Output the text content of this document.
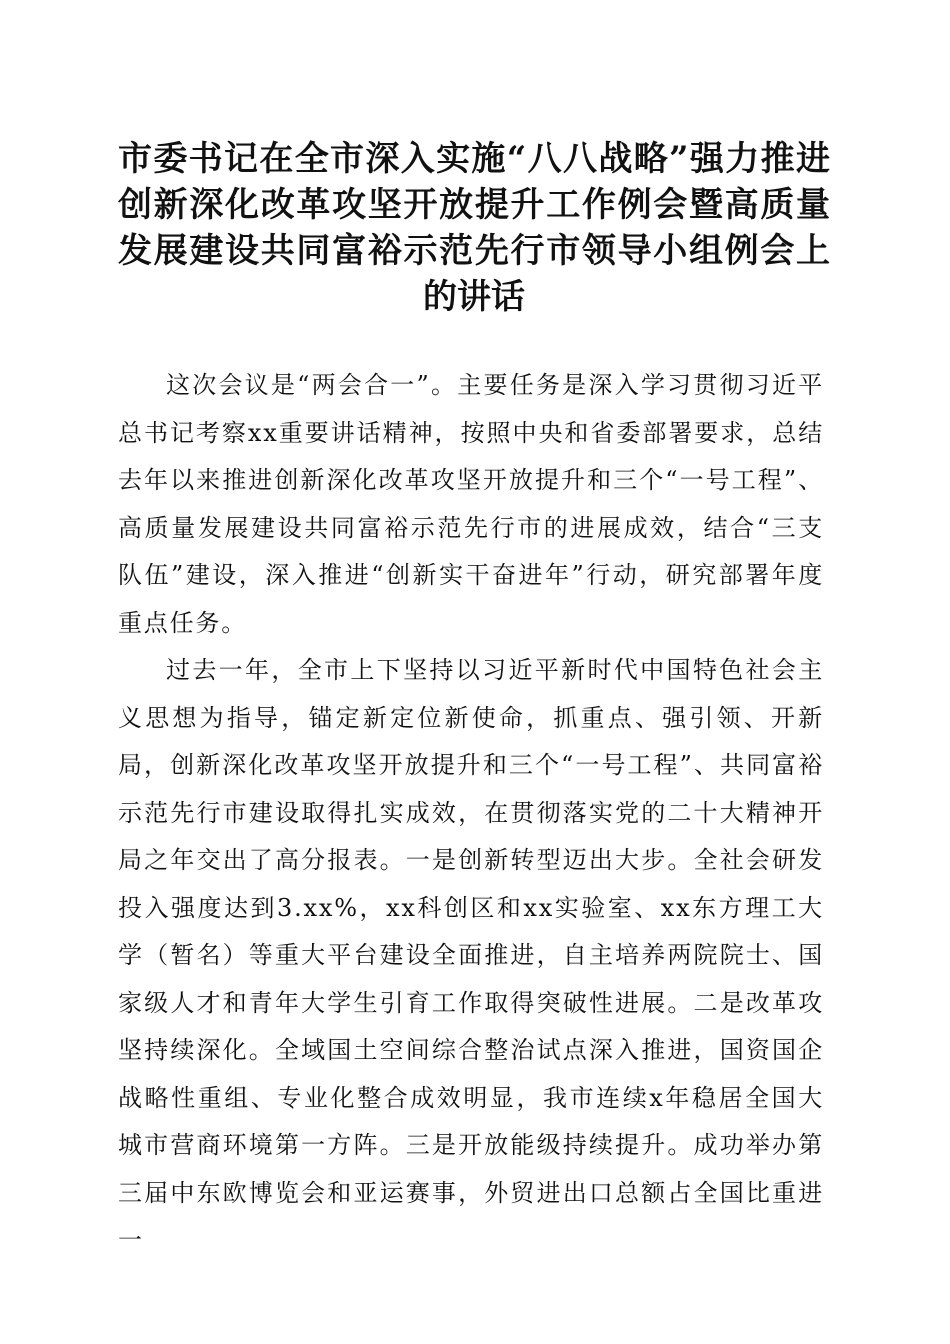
市委书记在全市深入实施“八八战略”强力推进创新深化改革攻坚开放提升工作例会暨高质量发展建设共同富裕示范先行市领导小组例会上的讲话

这次会议是“两会合一”。主要任务是深入学习贯彻习近平总书记考察xx重要讲话精神，按照中央和省委部署要求，总结去年以来推进创新深化改革攻坚开放提升和三个“一号工程”、高质量发展建设共同富裕示范先行市的进展成效，结合“三支队伍”建设，深入推进“创新实干奋进年”行动，研究部署年度重点任务。

过去一年，全市上下坚持以习近平新时代中国特色社会主义思想为指导，锚定新定位新使命，抓重点、强引领、开新局，创新深化改革攻坚开放提升和三个“一号工程”、共同富裕示范先行市建设取得扎实成效，在贯彻落实党的二十大精神开局之年交出了高分报表。一是创新转型迈出大步。全社会研发投入强度达到3.xx%，xx科创区和xx实验室、xx东方理工大学（暂名）等重大平台建设全面推进，自主培养两院院士、国家级人才和青年大学生引育工作取得突破性进展。二是改革攻坚持续深化。全域国土空间综合整治试点深入推进，国资国企战略性重组、专业化整合成效明显，我市连续x年稳居全国大城市营商环境第一方阵。三是开放能级持续提升。成功举办第三届中东欧博览会和亚运赛事，外贸进出口总额占全国比重进一
